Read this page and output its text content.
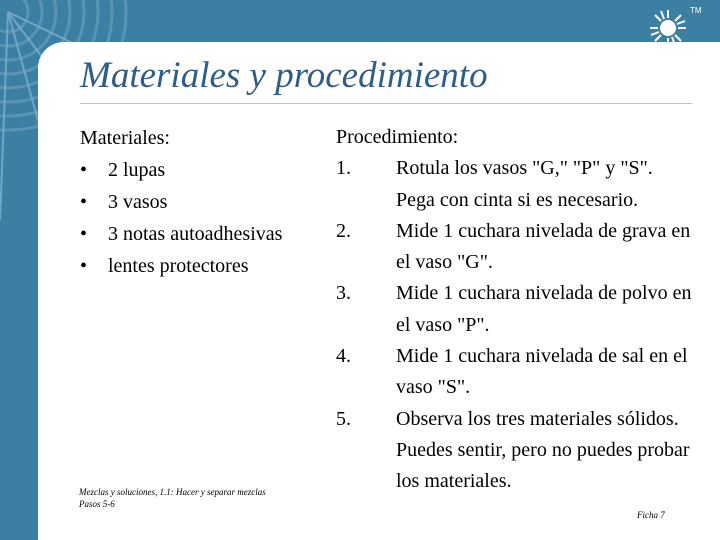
FOSS
TM
Materiales y procedimiento
Materiales:
•	2 lupas
•	3 vasos
•	3 notas autoadhesivas
•	lentes protectores
Procedimiento:
1.	Rotula los vasos "G," "P" y "S". Pega con cinta si es necesario.
2.	Mide 1 cuchara nivelada de grava en el vaso "G".
3.	Mide 1 cuchara nivelada de polvo en el vaso "P".
4.	Mide 1 cuchara nivelada de sal en el vaso "S".
5.	Observa los tres materiales sólidos. Puedes sentir, pero no puedes probar los materiales.
Mezclas y soluciones, 1.1: Hacer y separar mezclas
Pasos 5-6
Ficha 7
